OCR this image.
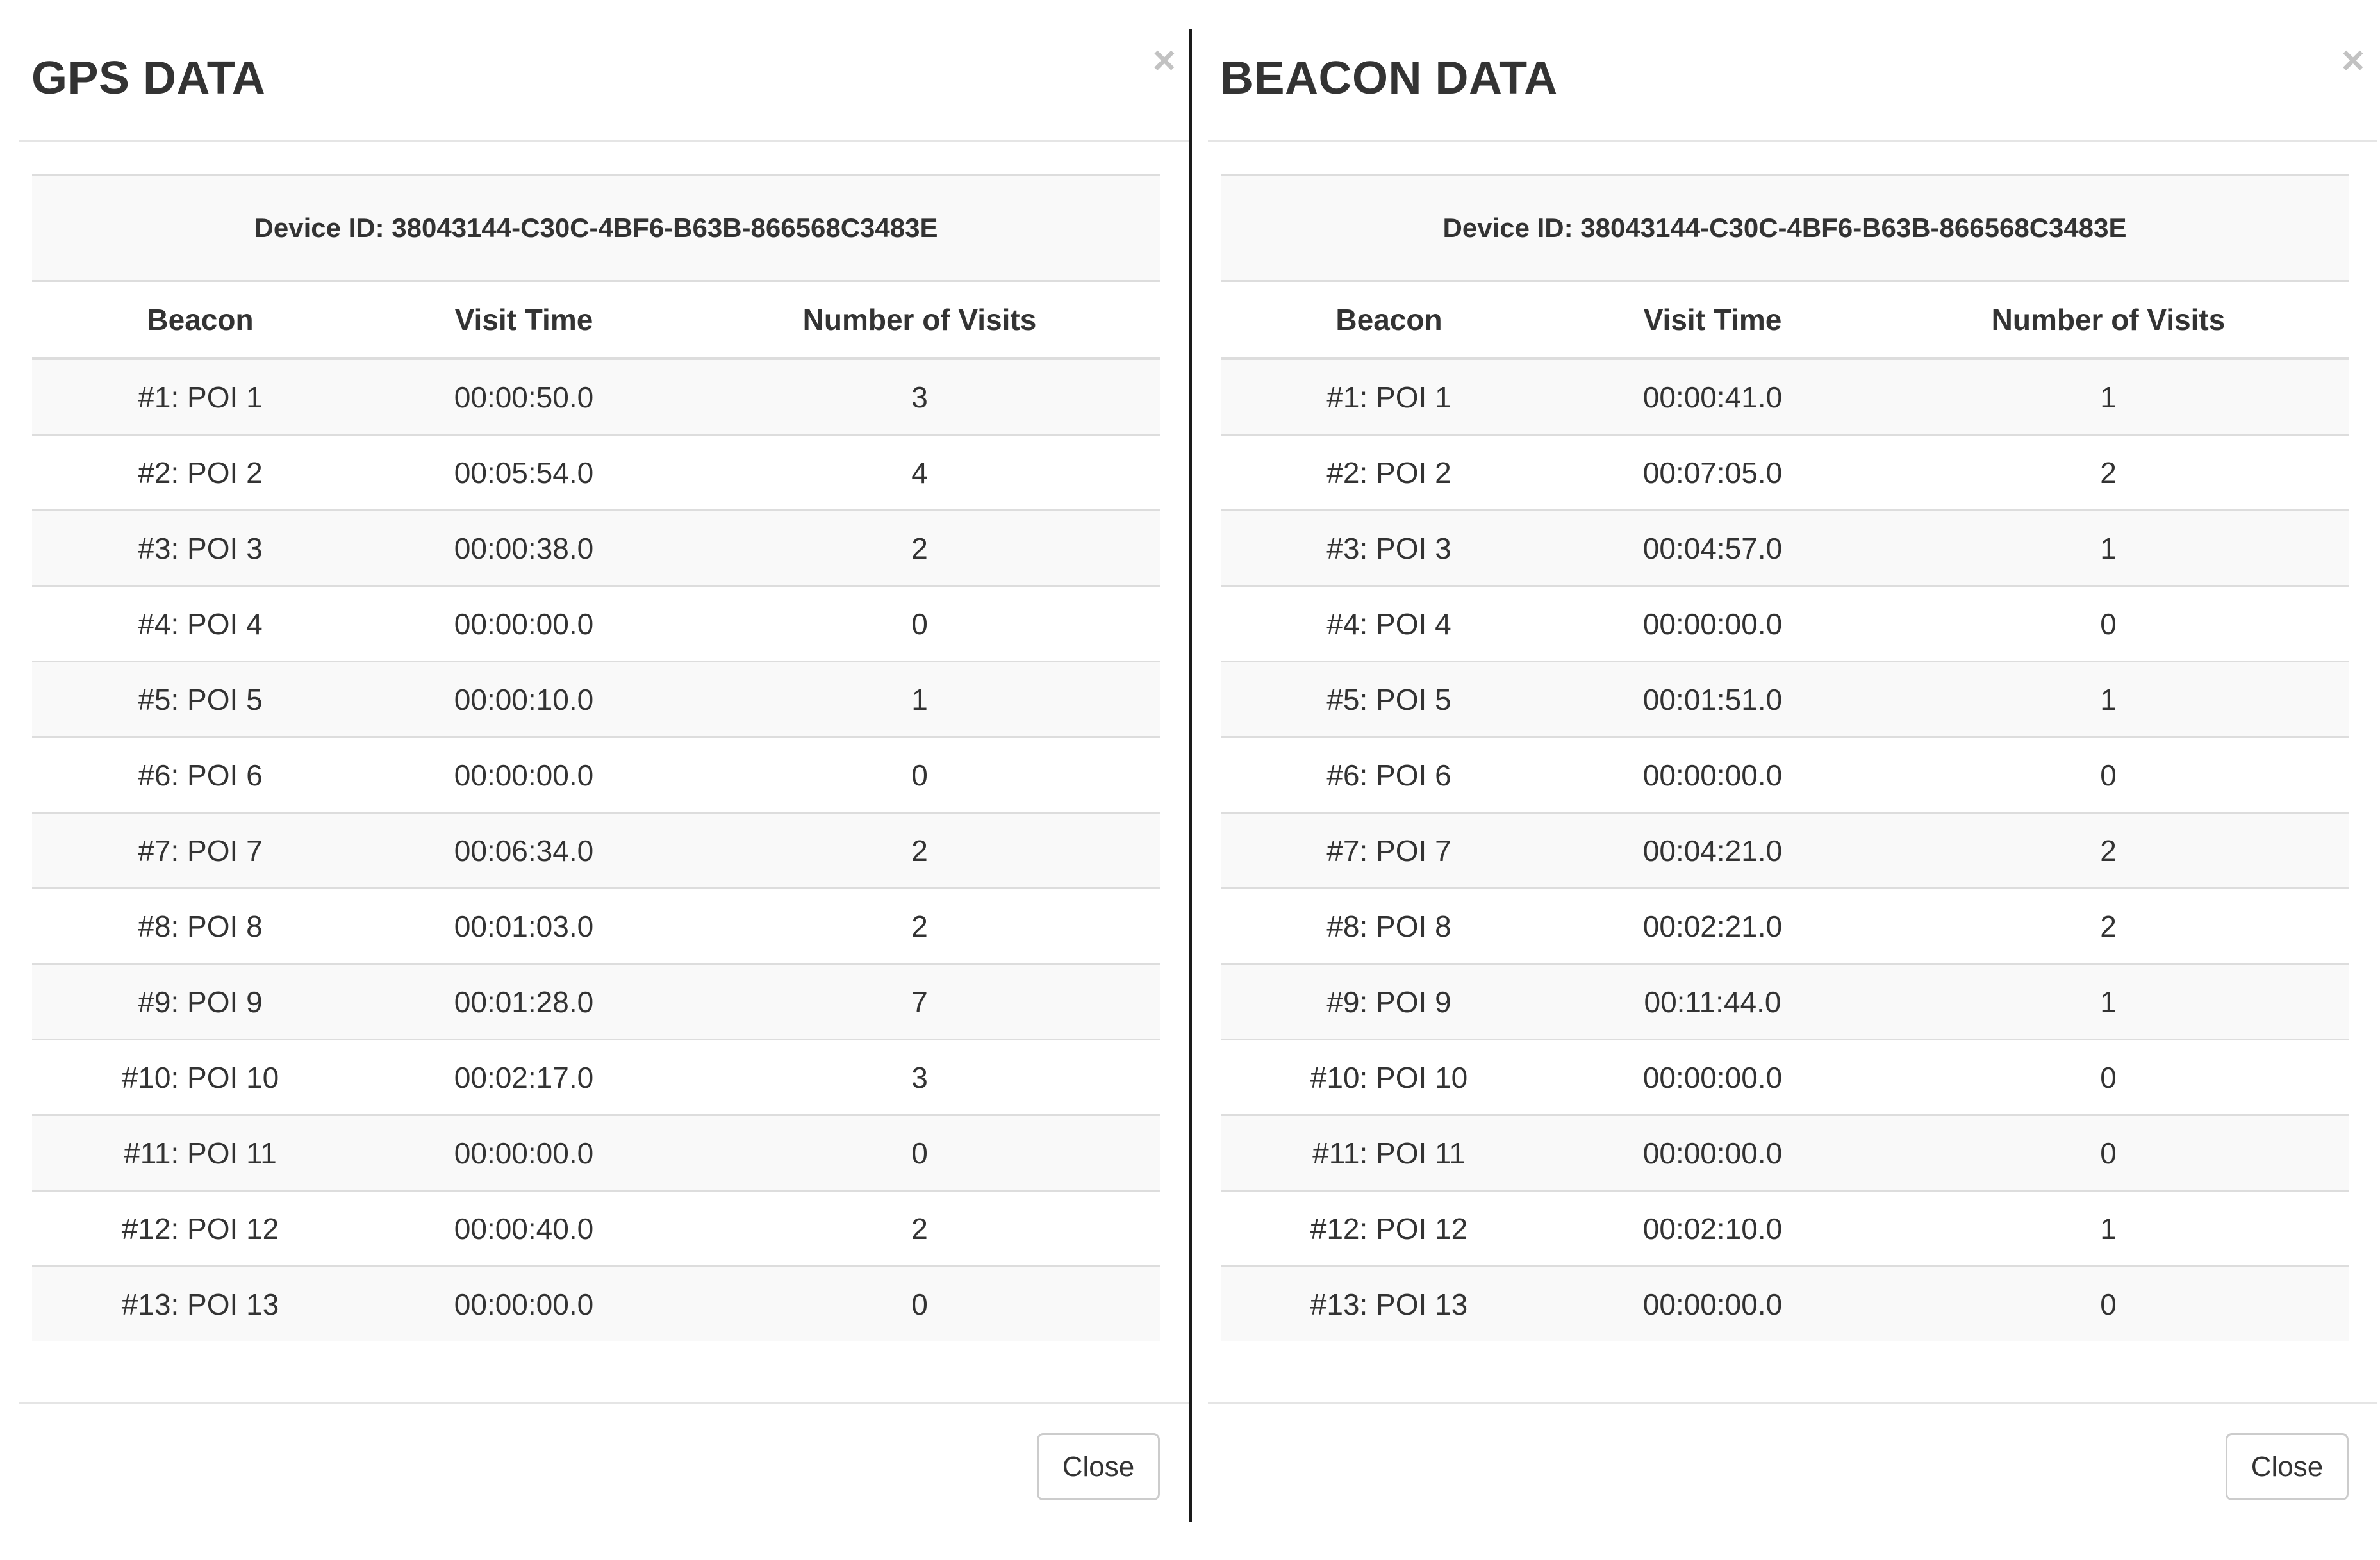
GPS DATA	×
Device ID: 38043144-C30C-4BF6-B63B-866568C3483E		
Beacon	Visit Time	Number of Visits
#1: POI 1	00:00:50.0	3
#2: POI 2	00:05:54.0	4
#3: POI 3	00:00:38.0	2
#4: POI 4	00:00:00.0	0
#5: POI 5	00:00:10.0	1
#6: POI 6	00:00:00.0	0
#7: POI 7	00:06:34.0	2
#8: POI 8	00:01:03.0	2
#9: POI 9	00:01:28.0	7
#10: POI 10	00:02:17.0	3
#11: POI 11	00:00:00.0	0
#12: POI 12	00:00:40.0	2
#13: POI 13	00:00:00.0	0
Close
BEACON DATA	×
Device ID: 38043144-C30C-4BF6-B63B-866568C3483E		
Beacon	Visit Time	Number of Visits
#1: POI 1	00:00:41.0	1
#2: POI 2	00:07:05.0	2
#3: POI 3	00:04:57.0	1
#4: POI 4	00:00:00.0	0
#5: POI 5	00:01:51.0	1
#6: POI 6	00:00:00.0	0
#7: POI 7	00:04:21.0	2
#8: POI 8	00:02:21.0	2
#9: POI 9	00:11:44.0	1
#10: POI 10	00:00:00.0	0
#11: POI 11	00:00:00.0	0
#12: POI 12	00:02:10.0	1
#13: POI 13	00:00:00.0	0
Close
